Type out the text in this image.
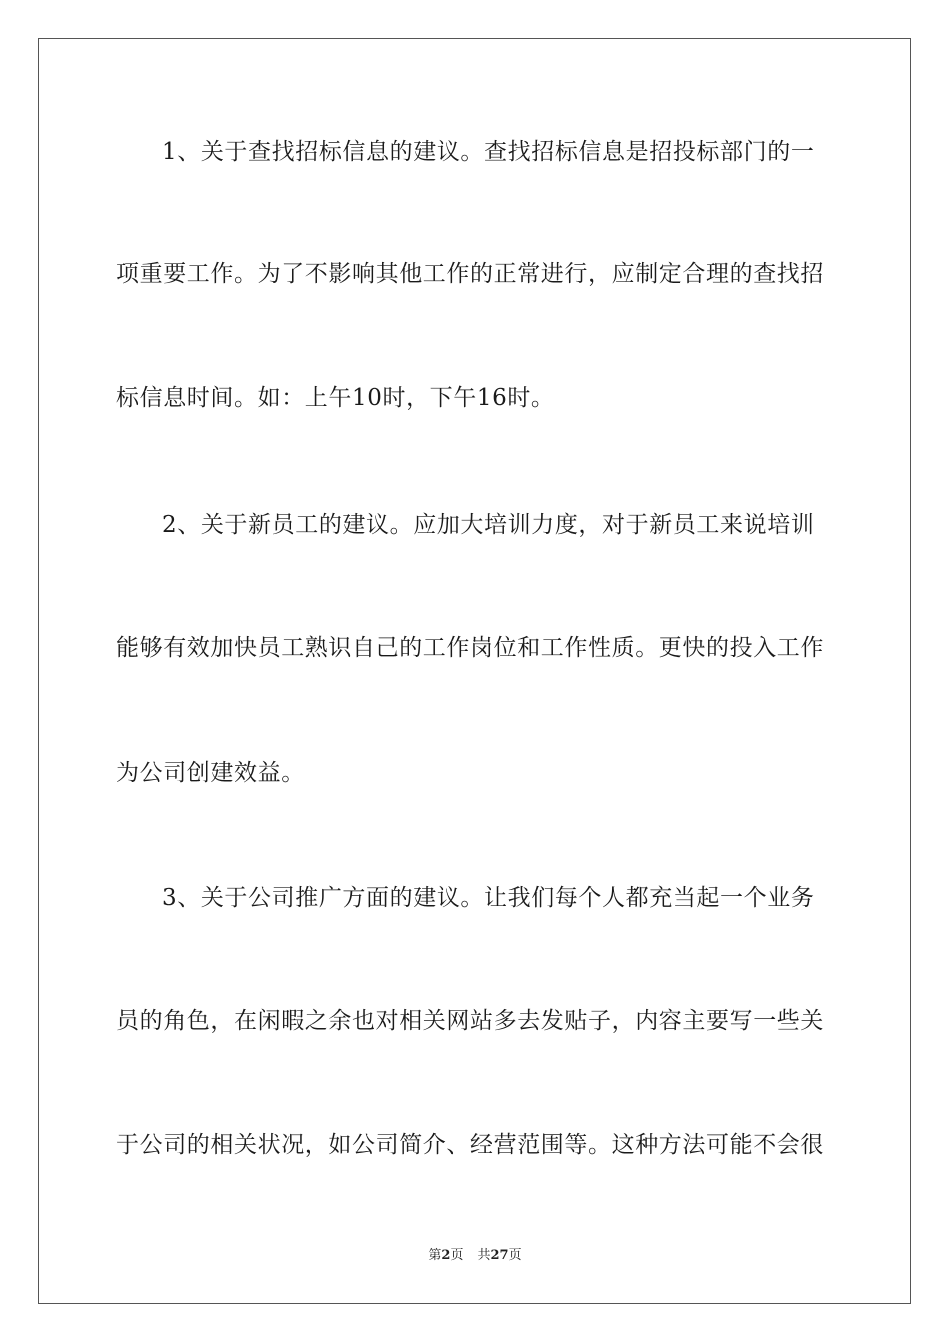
1、关于查找招标信息的建议。查找招标信息是招投标部门的一
项重要工作。为了不影响其他工作的正常进行，应制定合理的查找招
标信息时间。如：上午10时，下午16时。
2、关于新员工的建议。应加大培训力度，对于新员工来说培训
能够有效加快员工熟识自己的工作岗位和工作性质。更快的投入工作
为公司创建效益。
3、关于公司推广方面的建议。让我们每个人都充当起一个业务
员的角色，在闲暇之余也对相关网站多去发贴子，内容主要写一些关
于公司的相关状况，如公司简介、经营范围等。这种方法可能不会很
第2页 共27页
